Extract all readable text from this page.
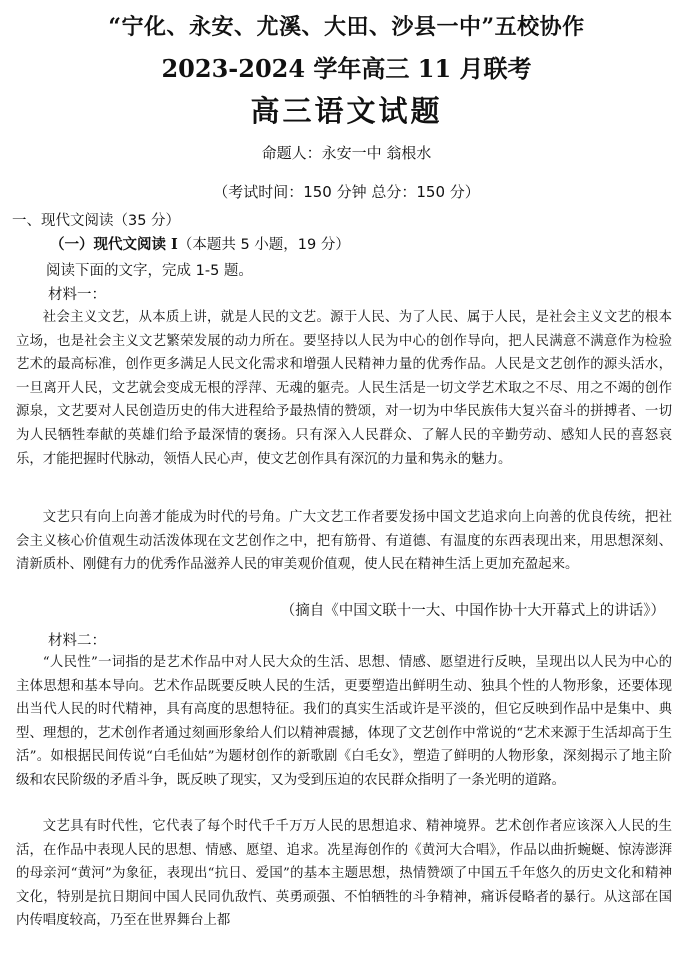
“宁化、永安、尤溪、大田、沙县一中”五校协作
2023-2024 学年高三 11 月联考
高三语文试题
命题人：永安一中 翁根水
（考试时间：150 分钟 总分：150 分）
一、现代文阅读（35 分）
（一）现代文阅读 I（本题共 5 小题，19 分）
阅读下面的文字，完成 1-5 题。
材料一：

社会主义文艺，从本质上讲，就是人民的文艺。源于人民、为了人民、属于人民，是社会主义文艺的根本立场，也是社会主义文艺繁荣发展的动力所在。要坚持以人民为中心的创作导向，把人民满意不满意作为检验艺术的最高标准，创作更多满足人民文化需求和增强人民精神力量的优秀作品。人民是文艺创作的源头活水，一旦离开人民，文艺就会变成无根的浮萍、无魂的躯壳。人民生活是一切文学艺术取之不尽、用之不竭的创作源泉，文艺要对人民创造历史的伟大进程给予最热情的赞颂，对一切为中华民族伟大复兴奋斗的拼搏者、一切为人民牺牲奉献的英雄们给予最深情的褒扬。只有深入人民群众、了解人民的辛勤劳动、感知人民的喜怒哀乐，才能把握时代脉动，领悟人民心声，使文艺创作具有深沉的力量和隽永的魅力。

文艺只有向上向善才能成为时代的号角。广大文艺工作者要发扬中国文艺追求向上向善的优良传统，把社会主义核心价值观生动活泼体现在文艺创作之中，把有筋骨、有道德、有温度的东西表现出来，用思想深刻、清新质朴、刚健有力的优秀作品滋养人民的审美观价值观，使人民在精神生活上更加充盈起来。

（摘自《中国文联十一大、中国作协十大开幕式上的讲话》）
材料二：

“人民性”一词指的是艺术作品中对人民大众的生活、思想、情感、愿望进行反映，呈现出以人民为中心的主体思想和基本导向。艺术作品既要反映人民的生活，更要塑造出鲜明生动、独具个性的人物形象，还要体现出当代人民的时代精神，具有高度的思想特征。我们的真实生活或许是平淡的，但它反映到作品中是集中、典型、理想的，艺术创作者通过刻画形象给人们以精神震撼，体现了文艺创作中常说的“艺术来源于生活却高于生活”。如根据民间传说“白毛仙姑”为题材创作的新歌剧《白毛女》，塑造了鲜明的人物形象，深刻揭示了地主阶级和农民阶级的矛盾斗争，既反映了现实，又为受到压迫的农民群众指明了一条光明的道路。

文艺具有时代性，它代表了每个时代千千万万人民的思想追求、精神境界。艺术创作者应该深入人民的生活，在作品中表现人民的思想、情感、愿望、追求。冼星海创作的《黄河大合唱》，作品以曲折蜿蜒、惊涛澎湃的母亲河“黄河”为象征，表现出“抗日、爱国”的基本主题思想，热情赞颂了中国五千年悠久的历史文化和精神文化，特别是抗日期间中国人民同仇敌忾、英勇顽强、不怕牺牲的斗争精神，痛诉侵略者的暴行。从这部在国内传唱度较高，乃至在世界舞台上都
